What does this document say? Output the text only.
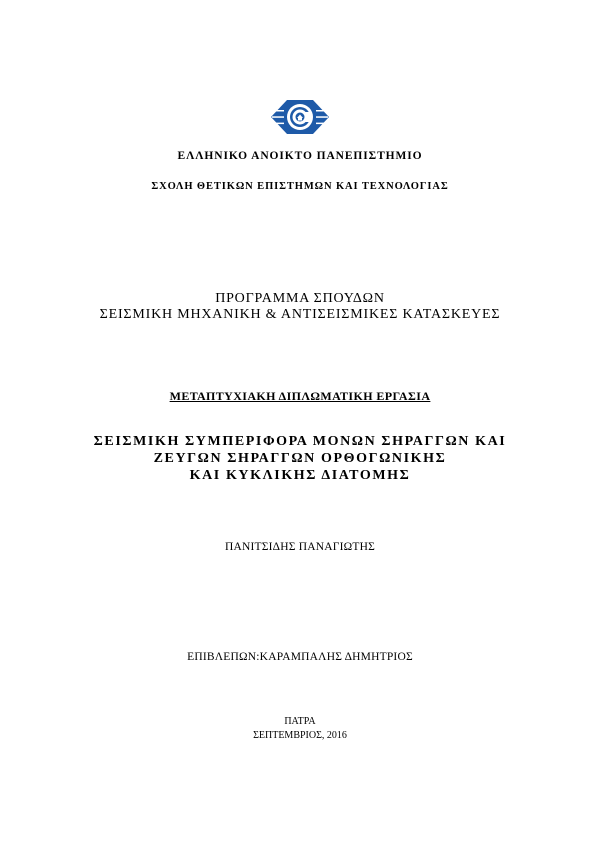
ΕΛΛΗΝΙΚΟ ΑΝΟΙΚΤΟ ΠΑΝΕΠΙΣΤΗΜΙΟ
ΣΧΟΛΗ ΘΕΤΙΚΩΝ ΕΠΙΣΤΗΜΩΝ ΚΑΙ ΤΕΧΝΟΛΟΓΙΑΣ
ΠΡΟΓΡΑΜΜΑ ΣΠΟΥΔΩΝ
ΣΕΙΣΜΙΚΗ ΜΗΧΑΝΙΚΗ & ΑΝΤΙΣΕΙΣΜΙΚΕΣ ΚΑΤΑΣΚΕΥΕΣ
ΜΕΤΑΠΤΥΧΙΑΚΗ ΔΙΠΛΩΜΑΤΙΚΗ ΕΡΓΑΣΙΑ
ΣΕΙΣΜΙΚΗ ΣΥΜΠΕΡΙΦΟΡΑ ΜΟΝΩΝ ΣΗΡΑΓΓΩΝ ΚΑΙ
ΖΕΥΓΩΝ ΣΗΡΑΓΓΩΝ ΟΡΘΟΓΩΝΙΚΗΣ
ΚΑΙ ΚΥΚΛΙΚΗΣ ΔΙΑΤΟΜΗΣ
ΠΑΝΙΤΣΙΔΗΣ ΠΑΝΑΓΙΩΤΗΣ
ΕΠΙΒΛΕΠΩΝ:ΚΑΡΑΜΠΑΛΗΣ ΔΗΜΗΤΡΙΟΣ
ΠΑΤΡΑ
ΣΕΠΤΕΜΒΡΙΟΣ, 2016
